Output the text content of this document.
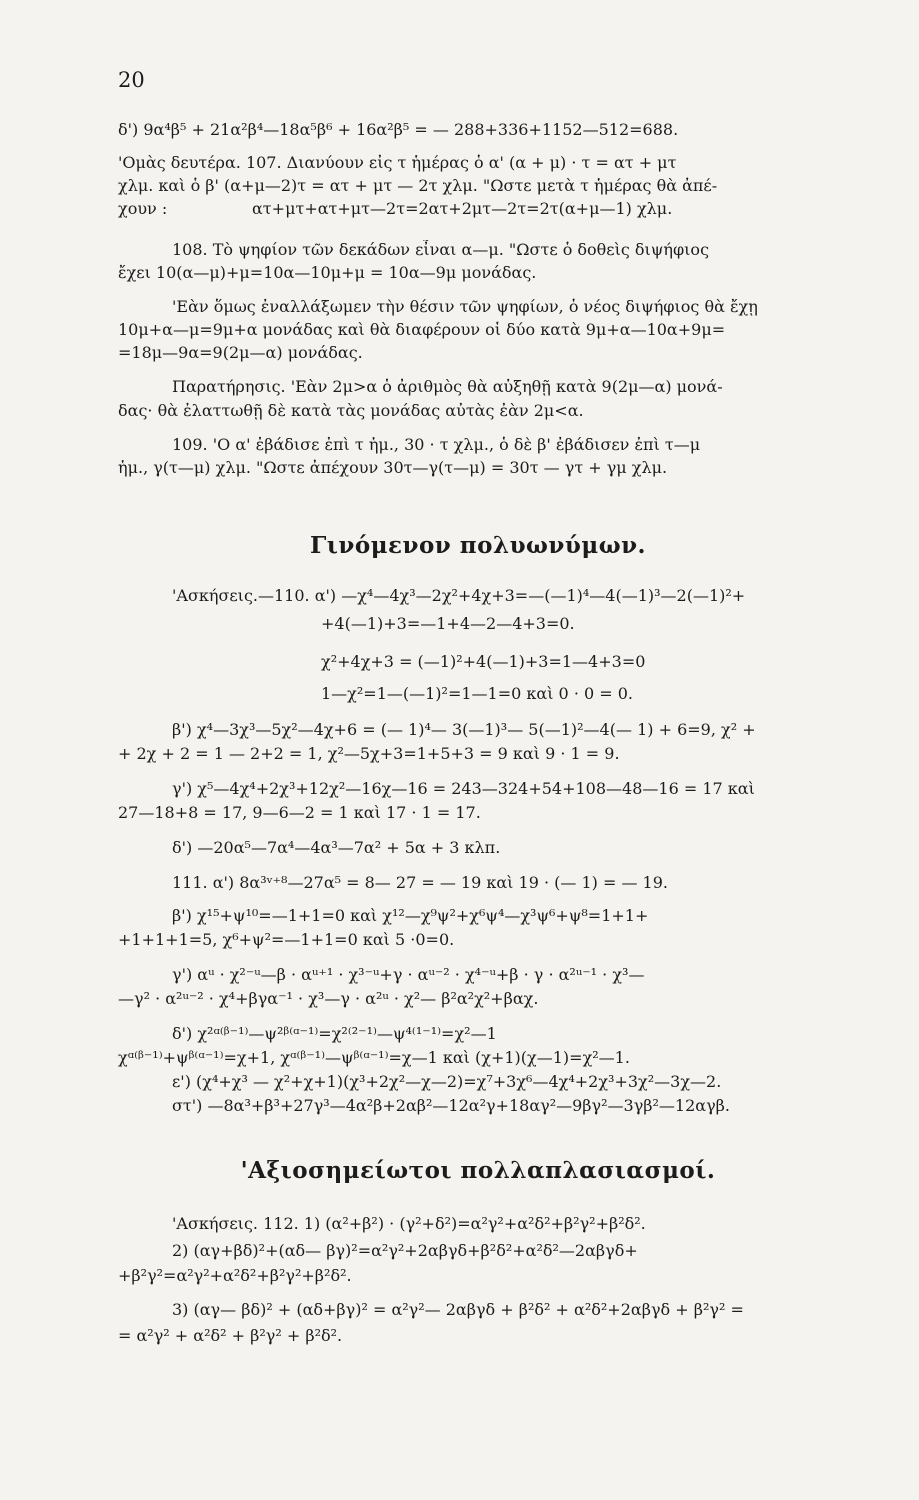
20
δ') 9α⁴β⁵ + 21α²β⁴—18α⁵β⁶ + 16α²β⁵ = — 288+336+1152—512=688.
'Ομὰς δευτέρα. 107. Διανύουν εἰς τ ἡμέρας ὁ α' (α + μ) · τ = ατ + μτ
χλμ. καὶ ὁ β' (α+μ—2)τ = ατ + μτ — 2τ χλμ. "Ωστε μετὰ τ ἡμέρας θὰ ἀπέ-
χουν :	ατ+μτ+ατ+μτ—2τ=2ατ+2μτ—2τ=2τ(α+μ—1) χλμ.
108. Τὸ ψηφίον τῶν δεκάδων εἶναι α—μ. "Ωστε ὁ δοθεὶς διψήφιος
ἔχει 10(α—μ)+μ=10α—10μ+μ = 10α—9μ μονάδας.
'Εὰν ὅμως ἐναλλάξωμεν τὴν θέσιν τῶν ψηφίων, ὁ νέος διψήφιος θὰ ἔχῃ
10μ+α—μ=9μ+α μονάδας καὶ θὰ διαφέρουν οἱ δύο κατὰ 9μ+α—10α+9μ=
=18μ—9α=9(2μ—α) μονάδας.
Παρατήρησις. 'Εὰν 2μ>α ὁ ἀριθμὸς θὰ αὐξηθῇ κατὰ 9(2μ—α) μονά-
δας· θὰ ἐλαττωθῇ δὲ κατὰ τὰς μονάδας αὐτὰς ἐὰν 2μ<α.
109. 'Ο α' ἐβάδισε ἐπὶ τ ἡμ., 30 · τ χλμ., ὁ δὲ β' ἐβάδισεν ἐπὶ τ—μ
ἡμ., γ(τ—μ) χλμ. "Ωστε ἀπέχουν 30τ—γ(τ—μ) = 30τ — γτ + γμ χλμ.
Γινόμενον πολυωνύμων.
'Ασκήσεις.—110. α') —χ⁴—4χ³—2χ²+4χ+3=—(—1)⁴—4(—1)³—2(—1)²+
+4(—1)+3=—1+4—2—4+3=0.
χ²+4χ+3 = (—1)²+4(—1)+3=1—4+3=0
1—χ²=1—(—1)²=1—1=0 καὶ 0 · 0 = 0.
β') χ⁴—3χ³—5χ²—4χ+6 = (— 1)⁴— 3(—1)³— 5(—1)²—4(— 1) + 6=9, χ² +
+ 2χ + 2 = 1 — 2+2 = 1, χ²—5χ+3=1+5+3 = 9 καὶ 9 · 1 = 9.
γ') χ⁵—4χ⁴+2χ³+12χ²—16χ—16 = 243—324+54+108—48—16 = 17 καὶ
27—18+8 = 17, 9—6—2 = 1 καὶ 17 · 1 = 17.
δ') —20α⁵—7α⁴—4α³—7α² + 5α + 3 κλπ.
111. α') 8α³ᵛ⁺⁸—27α⁵ = 8— 27 = — 19 καὶ 19 · (— 1) = — 19.
β') χ¹⁵+ψ¹⁰=—1+1=0 καὶ χ¹²—χ⁹ψ²+χ⁶ψ⁴—χ³ψ⁶+ψ⁸=1+1+
+1+1+1=5, χ⁶+ψ²=—1+1=0 καὶ 5 ·0=0.
γ') αᵘ · χ²⁻ᵘ—β · αᵘ⁺¹ · χ³⁻ᵘ+γ · αᵘ⁻² · χ⁴⁻ᵘ+β · γ · α²ᵘ⁻¹ · χ³—
—γ² · α²ᵘ⁻² · χ⁴+βγα⁻¹ · χ³—γ · α²ᵘ · χ²— β²α²χ²+βαχ.
δ') χ²ᵅ⁽ᵝ⁻¹⁾—ψ²ᵝ⁽ᵅ⁻¹⁾=χ²⁽²⁻¹⁾—ψ⁴⁽¹⁻¹⁾=χ²—1
χᵅ⁽ᵝ⁻¹⁾+ψᵝ⁽ᵅ⁻¹⁾=χ+1, χᵅ⁽ᵝ⁻¹⁾—ψᵝ⁽ᵅ⁻¹⁾=χ—1 καὶ (χ+1)(χ—1)=χ²—1.
ε') (χ⁴+χ³ — χ²+χ+1)(χ³+2χ²—χ—2)=χ⁷+3χ⁶—4χ⁴+2χ³+3χ²—3χ—2.
στ') —8α³+β³+27γ³—4α²β+2αβ²—12α²γ+18αγ²—9βγ²—3γβ²—12αγβ.
'Αξιοσημείωτοι πολλαπλασιασμοί.
'Ασκήσεις. 112. 1) (α²+β²) · (γ²+δ²)=α²γ²+α²δ²+β²γ²+β²δ².
2) (αγ+βδ)²+(αδ— βγ)²=α²γ²+2αβγδ+β²δ²+α²δ²—2αβγδ+
+β²γ²=α²γ²+α²δ²+β²γ²+β²δ².
3) (αγ— βδ)² + (αδ+βγ)² = α²γ²— 2αβγδ + β²δ² + α²δ²+2αβγδ + β²γ² =
= α²γ² + α²δ² + β²γ² + β²δ².
